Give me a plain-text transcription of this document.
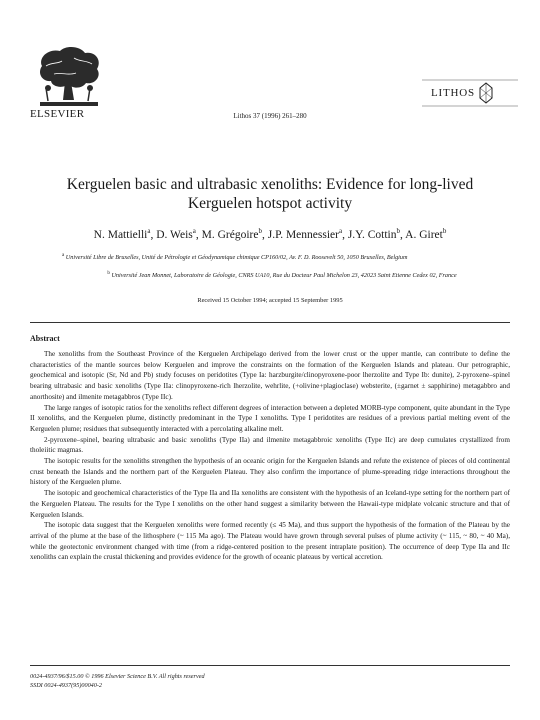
ELSEVIER	Lithos 37 (1996) 261–280
LITHOS
Kerguelen basic and ultrabasic xenoliths: Evidence for long-lived
Kerguelen hotspot activity
N. Mattielli$^a$, D. Weis$^a$, M. Grégoire$^b$, J.P. Mennessier$^a$, J.Y. Cottin$^b$, A. Giret$^b$
$^a$ Université Libre de Bruxelles, Unité de Pétrologie et Géodynamique chimique CP160/02, Av. F. D. Roosevelt 50, 1050 Bruxelles, Belgium
$^b$ Université Jean Monnet, Laboratoire de Géologie, CNRS UA10, Rue du Docteur Paul Michelon 23, 42023 Saint Etienne Cedex 02, France
Received 15 October 1994; accepted 15 September 1995
Abstract

The xenoliths from the Southeast Province of the Kerguelen Archipelago derived from the lower crust or the upper mantle, can contribute to define the characteristics of the mantle sources below Kerguelen and improve the constraints on the formation of the Kerguelen Islands and plateau. Our petrographic, geochemical and isotopic (Sr, Nd and Pb) study focuses on peridotites (Type Ia: harzburgite/clinopyroxene-poor lherzolite and Type Ib: dunite), 2-pyroxene–spinel bearing ultrabasic and basic xenoliths (Type IIa: clinopyroxene-rich lherzolite, wehrlite, (+olivine+plagioclase) websterite, (±garnet ± sapphirine) metagabbro and anorthosite) and ilmenite metagabbros (Type IIc).

The large ranges of isotopic ratios for the xenoliths reflect different degrees of interaction between a depleted MORB-type component, quite abundant in the Type II xenoliths, and the Kerguelen plume, distinctly predominant in the Type I xenoliths. Type I peridotites are residues of a previous partial melting event of the Kerguelen plume; residues that subsequently interacted with a percolating alkaline melt.

2-pyroxene–spinel, bearing ultrabasic and basic xenoliths (Type IIa) and ilmenite metagabbroic xenoliths (Type IIc) are deep cumulates crystallized from tholeiitic magmas.

The isotopic results for the xenoliths strengthen the hypothesis of an oceanic origin for the Kerguelen Islands and refute the existence of pieces of old continental crust beneath the Islands and the northern part of the Kerguelen Plateau. They also confirm the importance of plume-spreading ridge interactions throughout the history of the Kerguelen plume.

The isotopic and geochemical characteristics of the Type IIa and IIa xenoliths are consistent with the hypothesis of an Iceland-type setting for the northern part of the Kerguelen Plateau. The results for the Type I xenoliths on the other hand suggest a similarity between the Hawaii-type midplate volcanic structure and that of Kerguelen Islands.

The isotopic data suggest that the Kerguelen xenoliths were formed recently (≤ 45 Ma), and thus support the hypothesis of the formation of the Plateau by the arrival of the plume at the base of the lithosphere (~ 115 Ma ago). The Plateau would have grown through several pulses of plume activity (~ 115, ~ 80, ~ 40 Ma), while the geotectonic environment changed with time (from a ridge-centered position to the present intraplate position). The occurrence of deep Type IIa and IIc xenoliths can explain the crustal thickening and provides evidence for the growth of oceanic plateaus by vertical accretion.

0024-4937/96/$15.00 © 1996 Elsevier Science B.V. All rights reserved
SSDI 0024-4937(95)00040-2
